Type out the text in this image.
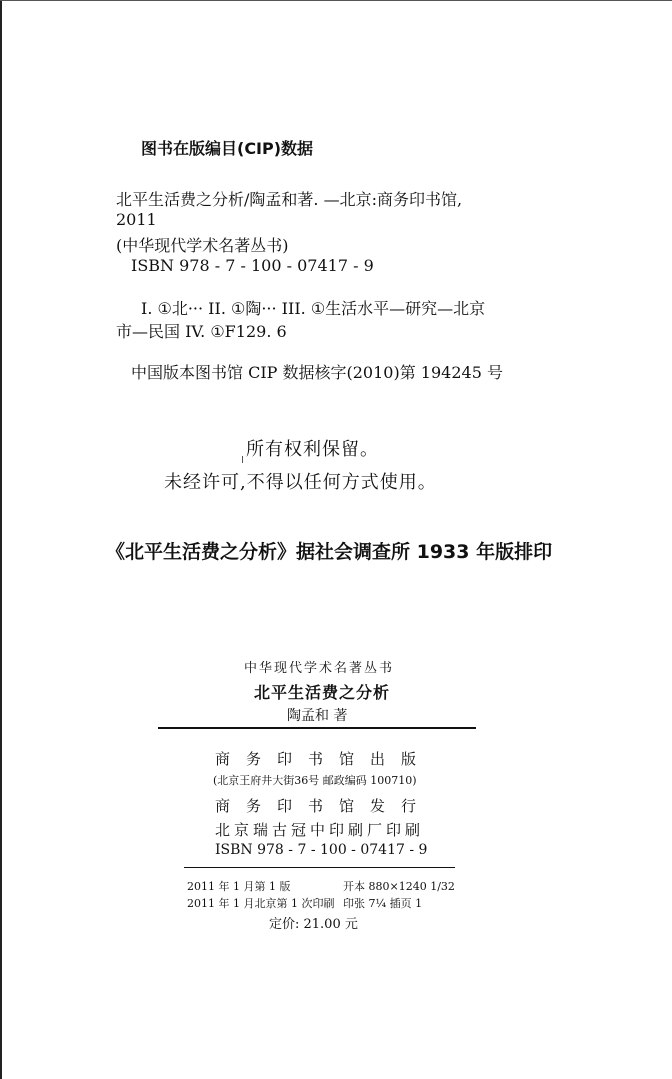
图书在版编目(CIP)数据
北平生活费之分析/陶孟和著. —北京:商务印书馆,
2011
(中华现代学术名著丛书)
ISBN 978 - 7 - 100 - 07417 - 9
I. ①北··· II. ①陶··· III. ①生活水平—研究—北京
市—民国 IV. ①F129. 6
中国版本图书馆 CIP 数据核字(2010)第 194245 号
所有权利保留。
未经许可,不得以任何方式使用。
《北平生活费之分析》据社会调查所 1933 年版排印
中华现代学术名著丛书
北平生活费之分析
陶孟和 著
商务印书馆出版
(北京王府井大街36号 邮政编码 100710)
商务印书馆发行
北京瑞古冠中印刷厂印刷
ISBN 978 - 7 - 100 - 07417 - 9
2011 年 1 月第 1 版	开本 880×1240 1/32
2011 年 1 月北京第 1 次印刷 印张 7¼ 插页 1
定价: 21.00 元
